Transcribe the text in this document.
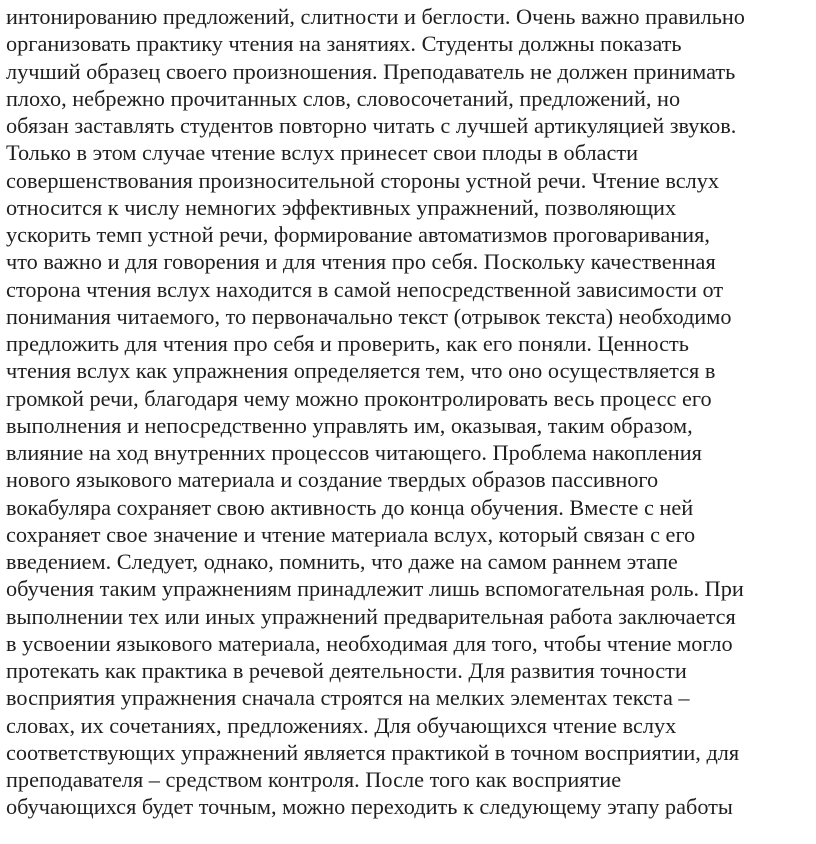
интонированию предложений, слитности и беглости. Очень важно правильно
организовать практику чтения на занятиях. Студенты должны показать
лучший образец своего произношения. Преподаватель не должен принимать
плохо, небрежно прочитанных слов, словосочетаний, предложений, но
обязан заставлять студентов повторно читать с лучшей артикуляцией звуков.
Только в этом случае чтение вслух принесет свои плоды в области
совершенствования произносительной стороны устной речи. Чтение вслух
относится к числу немногих эффективных упражнений, позволяющих
ускорить темп устной речи, формирование автоматизмов проговаривания,
что важно и для говорения и для чтения про себя. Поскольку качественная
сторона чтения вслух находится в самой непосредственной зависимости от
понимания читаемого, то первоначально текст (отрывок текста) необходимо
предложить для чтения про себя и проверить, как его поняли. Ценность
чтения вслух как упражнения определяется тем, что оно осуществляется в
громкой речи, благодаря чему можно проконтролировать весь процесс его
выполнения и непосредственно управлять им, оказывая, таким образом,
влияние на ход внутренних процессов читающего. Проблема накопления
нового языкового материала и создание твердых образов пассивного
вокабуляра сохраняет свою активность до конца обучения. Вместе с ней
сохраняет свое значение и чтение материала вслух, который связан с его
введением. Следует, однако, помнить, что даже на самом раннем этапе
обучения таким упражнениям принадлежит лишь вспомогательная роль. При
выполнении тех или иных упражнений предварительная работа заключается
в усвоении языкового материала, необходимая для того, чтобы чтение могло
протекать как практика в речевой деятельности. Для развития точности
восприятия упражнения сначала строятся на мелких элементах текста –
словах, их сочетаниях, предложениях. Для обучающихся чтение вслух
соответствующих упражнений является практикой в точном восприятии, для
преподавателя – средством контроля. После того как восприятие
обучающихся будет точным, можно переходить к следующему этапу работы
